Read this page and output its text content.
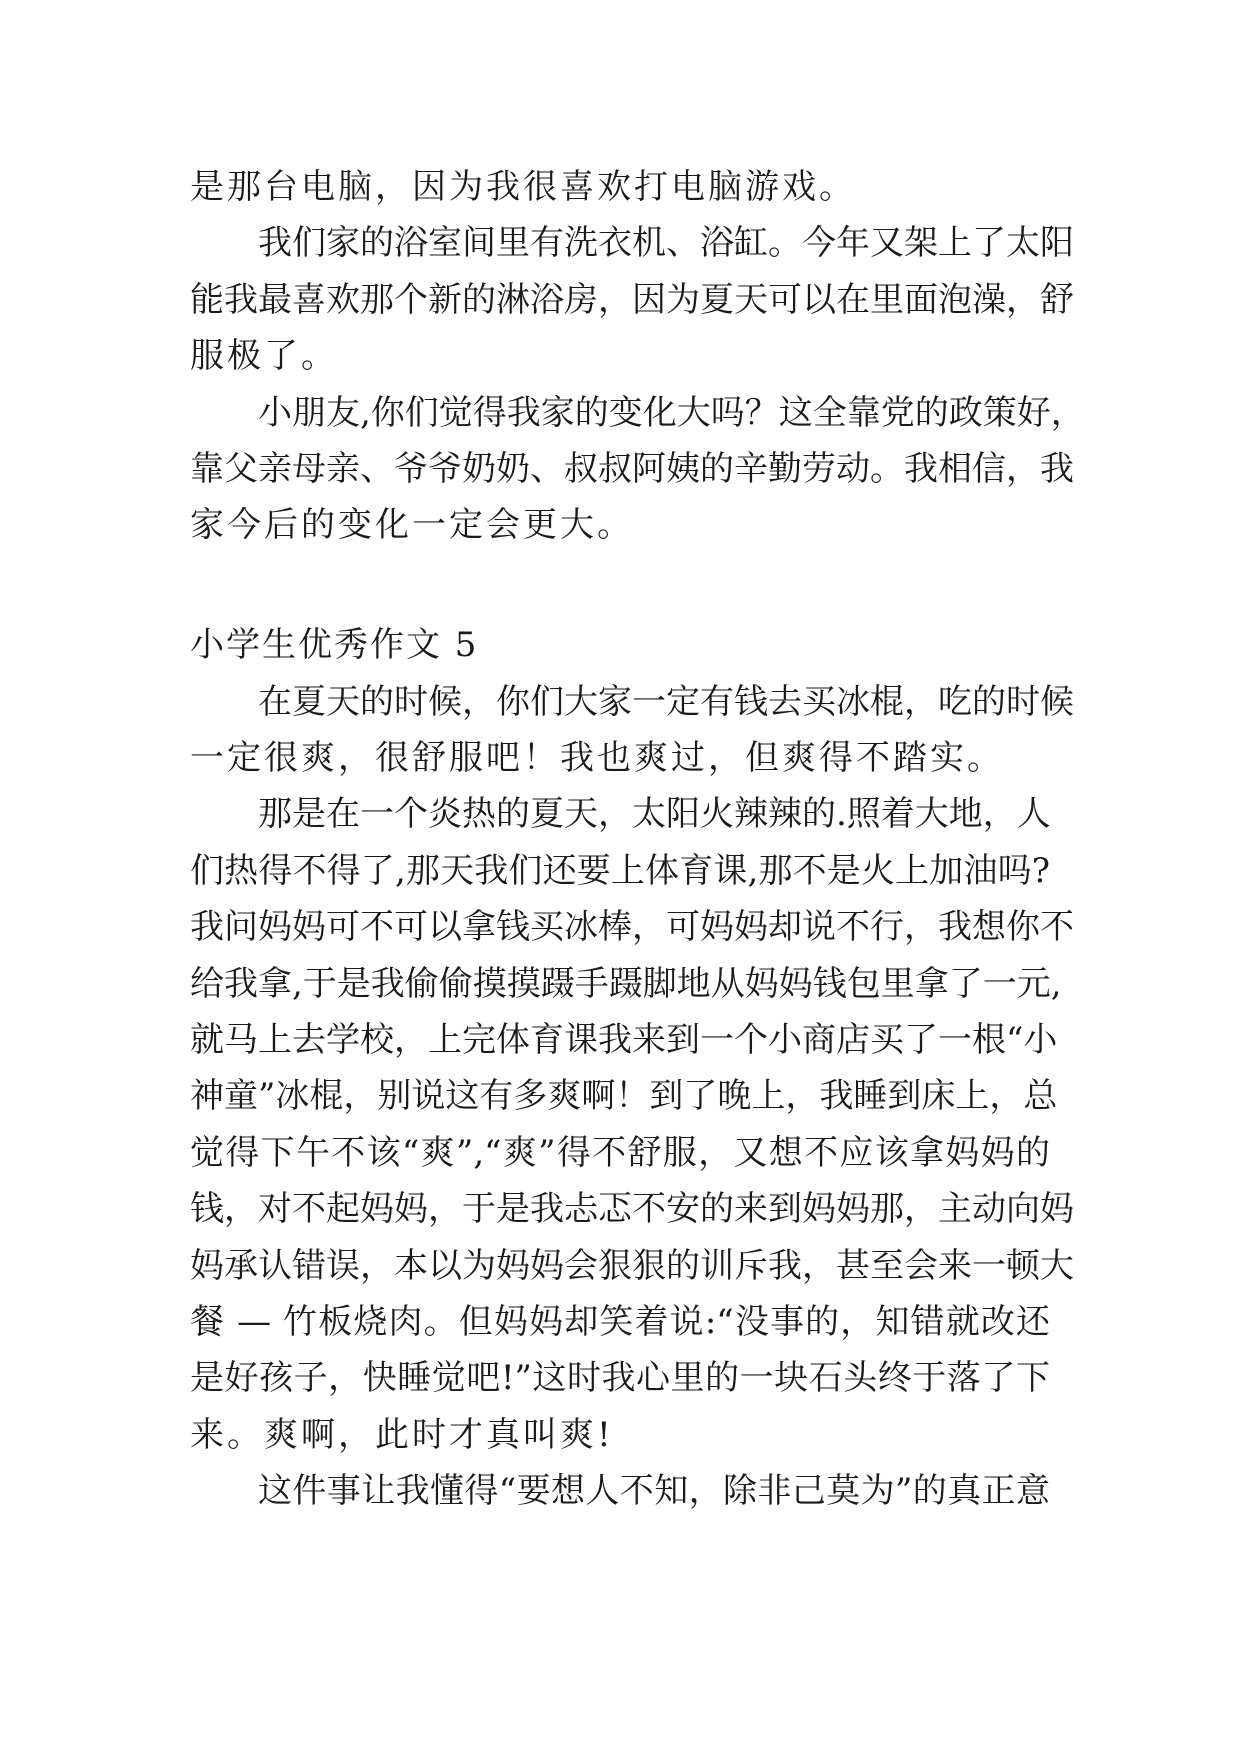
是那台电脑，因为我很喜欢打电脑游戏。
我们家的浴室间里有洗衣机、浴缸。今年又架上了太阳
能我最喜欢那个新的淋浴房，因为夏天可以在里面泡澡，舒
服极了。
小朋友,你们觉得我家的变化大吗？这全靠党的政策好，
靠父亲母亲、爷爷奶奶、叔叔阿姨的辛勤劳动。我相信，我
家今后的变化一定会更大。
小学生优秀作文 5
在夏天的时候，你们大家一定有钱去买冰棍，吃的时候
一定很爽，很舒服吧！我也爽过，但爽得不踏实。
那是在一个炎热的夏天，太阳火辣辣的.照着大地，人
们热得不得了,那天我们还要上体育课,那不是火上加油吗?
我问妈妈可不可以拿钱买冰棒，可妈妈却说不行，我想你不
给我拿,于是我偷偷摸摸蹑手蹑脚地从妈妈钱包里拿了一元,
就马上去学校，上完体育课我来到一个小商店买了一根“小
神童”冰棍，别说这有多爽啊！到了晚上，我睡到床上，总
觉得下午不该“爽”,“爽”得不舒服，又想不应该拿妈妈的
钱，对不起妈妈，于是我忐忑不安的来到妈妈那，主动向妈
妈承认错误，本以为妈妈会狠狠的训斥我，甚至会来一顿大
餐 — 竹板烧肉。但妈妈却笑着说:“没事的，知错就改还
是好孩子，快睡觉吧!”这时我心里的一块石头终于落了下
来。爽啊，此时才真叫爽!
这件事让我懂得“要想人不知，除非己莫为”的真正意
